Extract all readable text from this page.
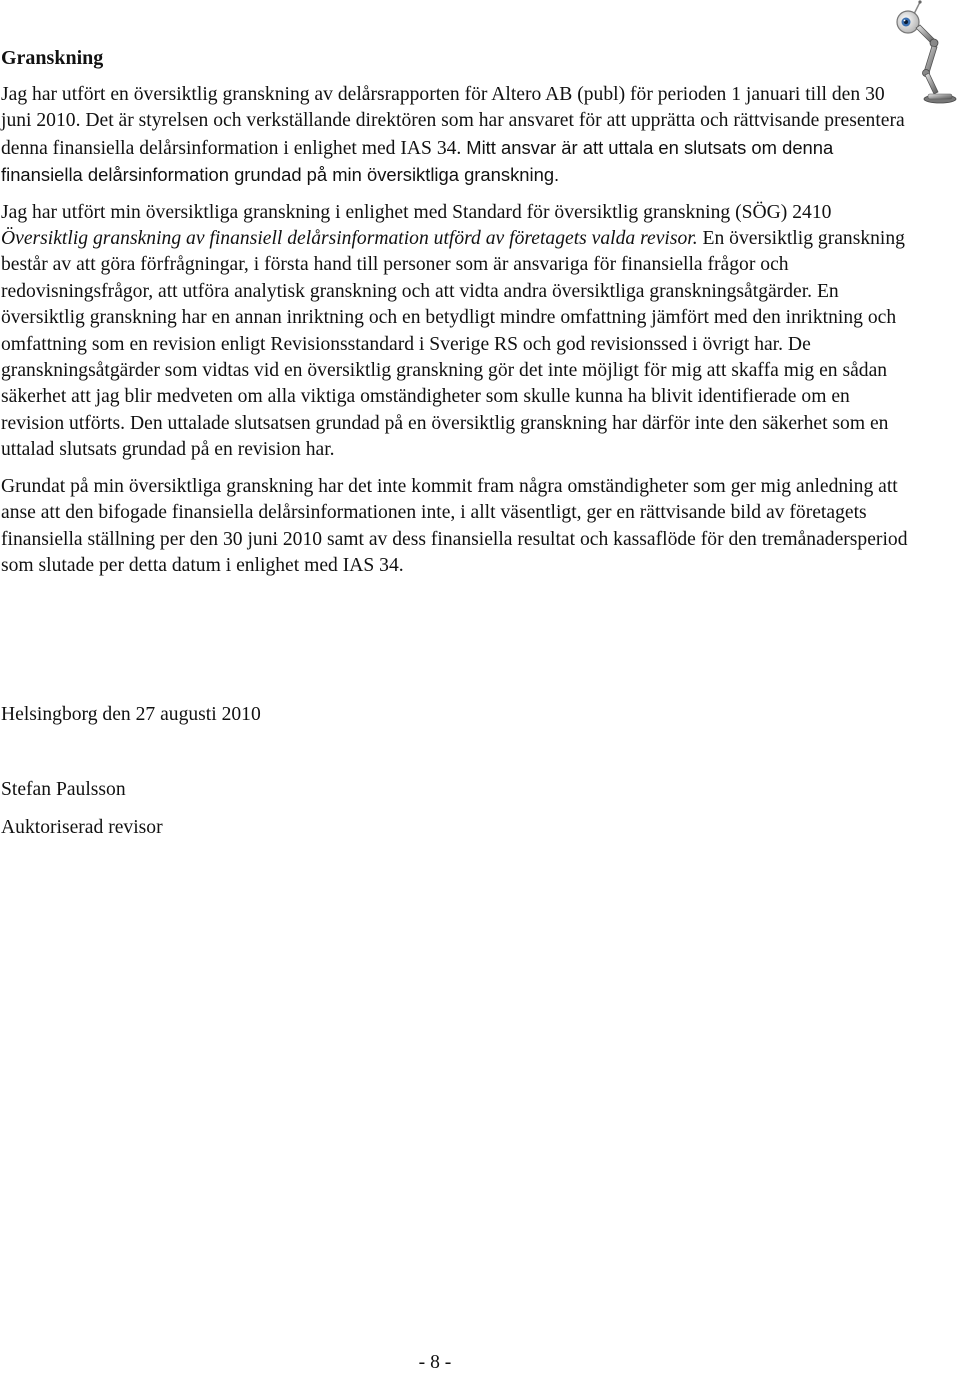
Granskning

Jag har utfört en översiktlig granskning av delårsrapporten för Altero AB (publ) för perioden 1 januari till den 30 juni 2010. Det är styrelsen och verkställande direktören som har ansvaret för att upprätta och rättvisande presentera denna finansiella delårsinformation i enlighet med IAS 34. Mitt ansvar är att uttala en slutsats om denna finansiella delårsinformation grundad på min översiktliga granskning.

Jag har utfört min översiktliga granskning i enlighet med Standard för översiktlig granskning (SÖG) 2410 Översiktlig granskning av finansiell delårsinformation utförd av företagets valda revisor. En översiktlig granskning består av att göra förfrågningar, i första hand till personer som är ansvariga för finansiella frågor och redovisningsfrågor, att utföra analytisk granskning och att vidta andra översiktliga granskningsåtgärder. En översiktlig granskning har en annan inriktning och en betydligt mindre omfattning jämfört med den inriktning och omfattning som en revision enligt Revisionsstandard i Sverige RS och god revisionssed i övrigt har. De granskningsåtgärder som vidtas vid en översiktlig granskning gör det inte möjligt för mig att skaffa mig en sådan säkerhet att jag blir medveten om alla viktiga omständigheter som skulle kunna ha blivit identifierade om en revision utförts. Den uttalade slutsatsen grundad på en översiktlig granskning har därför inte den säkerhet som en uttalad slutsats grundad på en revision har.

Grundat på min översiktliga granskning har det inte kommit fram några omständigheter som ger mig anledning att anse att den bifogade finansiella delårsinformationen inte, i allt väsentligt, ger en rättvisande bild av företagets finansiella ställning per den 30 juni 2010 samt av dess finansiella resultat och kassaflöde för den tremånadersperiod som slutade per detta datum i enlighet med IAS 34.

Helsingborg den 27 augusti 2010
Stefan Paulsson
Auktoriserad revisor
- 8 -
